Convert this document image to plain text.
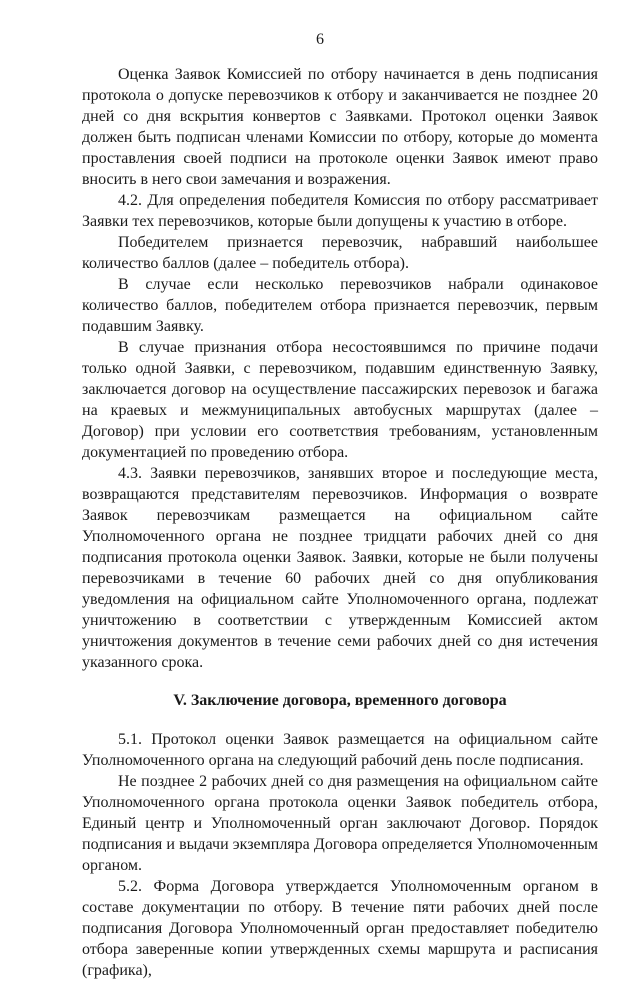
6

Оценка Заявок Комиссией по отбору начинается в день подписания протокола о допуске перевозчиков к отбору и заканчивается не позднее 20 дней со дня вскрытия конвертов с Заявками. Протокол оценки Заявок должен быть подписан членами Комиссии по отбору, которые до момента проставления своей подписи на протоколе оценки Заявок имеют право вносить в него свои замечания и возражения.

4.2. Для определения победителя Комиссия по отбору рассматривает Заявки тех перевозчиков, которые были допущены к участию в отборе.

Победителем признается перевозчик, набравший наибольшее количество баллов (далее – победитель отбора).

В случае если несколько перевозчиков набрали одинаковое количество баллов, победителем отбора признается перевозчик, первым подавшим Заявку.

В случае признания отбора несостоявшимся по причине подачи только одной Заявки, с перевозчиком, подавшим единственную Заявку, заключается договор на осуществление пассажирских перевозок и багажа на краевых и межмуниципальных автобусных маршрутах (далее – Договор) при условии его соответствия требованиям, установленным документацией по проведению отбора.

4.3. Заявки перевозчиков, занявших второе и последующие места, возвращаются представителям перевозчиков. Информация о возврате Заявок перевозчикам размещается на официальном сайте Уполномоченного органа не позднее тридцати рабочих дней со дня подписания протокола оценки Заявок. Заявки, которые не были получены перевозчиками в течение 60 рабочих дней со дня опубликования уведомления на официальном сайте Уполномоченного органа, подлежат уничтожению в соответствии с утвержденным Комиссией актом уничтожения документов в течение семи рабочих дней со дня истечения указанного срока.

V. Заключение договора, временного договора

5.1. Протокол оценки Заявок размещается на официальном сайте Уполномоченного органа на следующий рабочий день после подписания.

Не позднее 2 рабочих дней со дня размещения на официальном сайте Уполномоченного органа протокола оценки Заявок победитель отбора, Единый центр и Уполномоченный орган заключают Договор. Порядок подписания и выдачи экземпляра Договора определяется Уполномоченным органом.

5.2. Форма Договора утверждается Уполномоченным органом в составе документации по отбору. В течение пяти рабочих дней после подписания Договора Уполномоченный орган предоставляет победителю отбора заверенные копии утвержденных схемы маршрута и расписания (графика),
